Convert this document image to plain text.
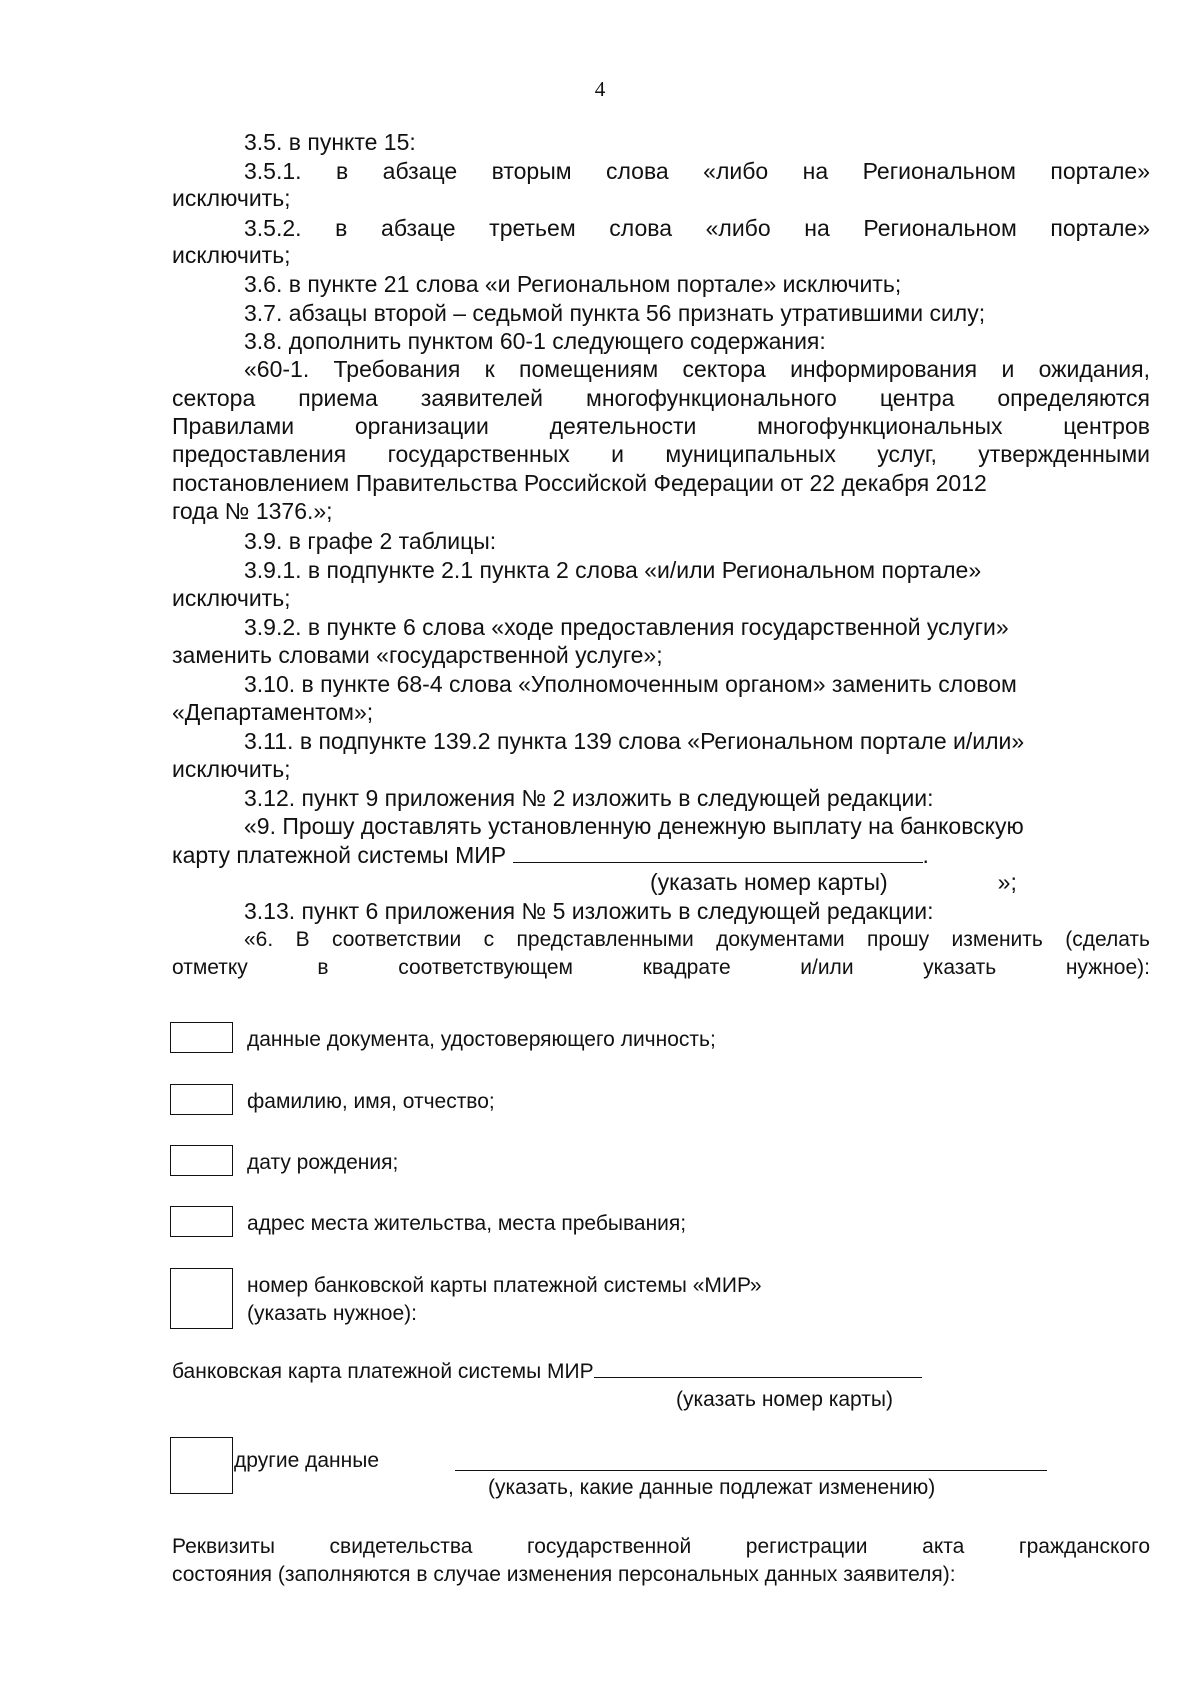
4
3.5. в пункте 15:
3.5.1. в абзаце вторым слова «либо на Региональном портале»
исключить;
3.5.2. в абзаце третьем слова «либо на Региональном портале»
исключить;
3.6. в пункте 21 слова «и Региональном портале» исключить;
3.7. абзацы второй – седьмой пункта 56 признать утратившими силу;
3.8. дополнить пунктом 60-1 следующего содержания:
«60-1. Требования к помещениям сектора информирования и ожидания,
сектора приема заявителей многофункционального центра определяются
Правилами организации деятельности многофункциональных центров
предоставления государственных и муниципальных услуг, утвержденными
постановлением Правительства Российской Федерации от 22 декабря 2012
года № 1376.»;
3.9. в графе 2 таблицы:
3.9.1. в подпункте 2.1 пункта 2 слова «и/или Региональном портале»
исключить;
3.9.2. в пункте 6 слова «ходе предоставления государственной услуги»
заменить словами «государственной услуге»;
3.10. в пункте 68-4 слова «Уполномоченным органом» заменить словом
«Департаментом»;
3.11. в подпункте 139.2 пункта 139 слова «Региональном портале и/или»
исключить;
3.12. пункт 9 приложения № 2 изложить в следующей редакции:
«9. Прошу доставлять установленную денежную выплату на банковскую
карту платежной системы МИР	.
(указать номер карты)	»;
3.13. пункт 6 приложения № 5 изложить в следующей редакции:
«6. В соответствии с представленными документами прошу изменить (сделать
отметку в соответствующем квадрате и/или указать нужное):
данные документа, удостоверяющего личность;
фамилию, имя, отчество;
дату рождения;
адрес места жительства, места пребывания;
номер банковской карты платежной системы «МИР»
(указать нужное):
банковская карта платежной системы МИР
(указать номер карты)
другие данные
(указать, какие данные подлежат изменению)
Реквизиты свидетельства государственной регистрации акта гражданского
состояния (заполняются в случае изменения персональных данных заявителя):
